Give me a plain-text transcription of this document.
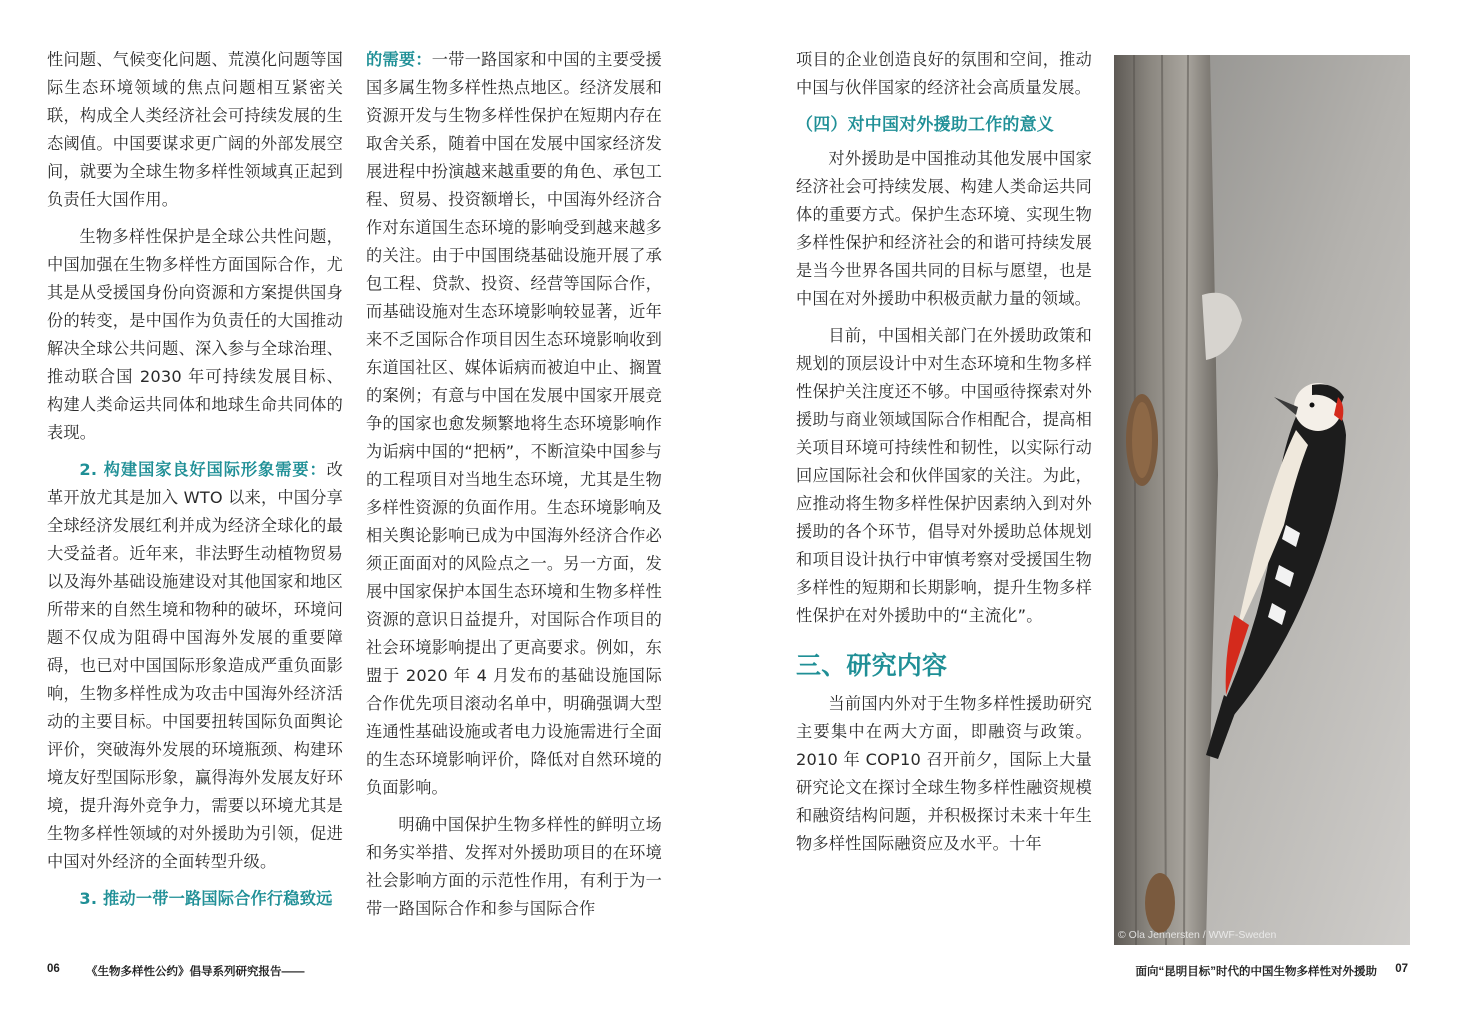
性问题、气候变化问题、荒漠化问题等国际生态环境领域的焦点问题相互紧密关联，构成全人类经济社会可持续发展的生态阈值。中国要谋求更广阔的外部发展空间，就要为全球生物多样性领域真正起到负责任大国作用。

生物多样性保护是全球公共性问题，中国加强在生物多样性方面国际合作，尤其是从受援国身份向资源和方案提供国身份的转变，是中国作为负责任的大国推动解决全球公共问题、深入参与全球治理、推动联合国 2030 年可持续发展目标、构建人类命运共同体和地球生命共同体的表现。

2. 构建国家良好国际形象需要：改革开放尤其是加入 WTO 以来，中国分享全球经济发展红利并成为经济全球化的最大受益者。近年来，非法野生动植物贸易以及海外基础设施建设对其他国家和地区所带来的自然生境和物种的破坏，环境问题不仅成为阻碍中国海外发展的重要障碍，也已对中国国际形象造成严重负面影响，生物多样性成为攻击中国海外经济活动的主要目标。中国要扭转国际负面舆论评价，突破海外发展的环境瓶颈、构建环境友好型国际形象，赢得海外发展友好环境，提升海外竞争力，需要以环境尤其是生物多样性领域的对外援助为引领，促进中国对外经济的全面转型升级。

3. 推动一带一路国际合作行稳致远

的需要：一带一路国家和中国的主要受援国多属生物多样性热点地区。经济发展和资源开发与生物多样性保护在短期内存在取舍关系，随着中国在发展中国家经济发展进程中扮演越来越重要的角色、承包工程、贸易、投资额增长，中国海外经济合作对东道国生态环境的影响受到越来越多的关注。由于中国围绕基础设施开展了承包工程、贷款、投资、经营等国际合作，而基础设施对生态环境影响较显著，近年来不乏国际合作项目因生态环境影响收到东道国社区、媒体诟病而被迫中止、搁置的案例；有意与中国在发展中国家开展竞争的国家也愈发频繁地将生态环境影响作为诟病中国的“把柄”，不断渲染中国参与的工程项目对当地生态环境，尤其是生物多样性资源的负面作用。生态环境影响及相关舆论影响已成为中国海外经济合作必须正面面对的风险点之一。另一方面，发展中国家保护本国生态环境和生物多样性资源的意识日益提升，对国际合作项目的社会环境影响提出了更高要求。例如，东盟于 2020 年 4 月发布的基础设施国际合作优先项目滚动名单中，明确强调大型连通性基础设施或者电力设施需进行全面的生态环境影响评价，降低对自然环境的负面影响。

明确中国保护生物多样性的鲜明立场和务实举措、发挥对外援助项目的在环境社会影响方面的示范性作用，有利于为一带一路国际合作和参与国际合作

项目的企业创造良好的氛围和空间，推动中国与伙伴国家的经济社会高质量发展。

（四）对中国对外援助工作的意义

对外援助是中国推动其他发展中国家经济社会可持续发展、构建人类命运共同体的重要方式。保护生态环境、实现生物多样性保护和经济社会的和谐可持续发展是当今世界各国共同的目标与愿望，也是中国在对外援助中积极贡献力量的领域。

目前，中国相关部门在外援助政策和规划的顶层设计中对生态环境和生物多样性保护关注度还不够。中国亟待探索对外援助与商业领域国际合作相配合，提高相关项目环境可持续性和韧性，以实际行动回应国际社会和伙伴国家的关注。为此，应推动将生物多样性保护因素纳入到对外援助的各个环节，倡导对外援助总体规划和项目设计执行中审慎考察对受援国生物多样性的短期和长期影响，提升生物多样性保护在对外援助中的“主流化”。

三、研究内容

当前国内外对于生物多样性援助研究主要集中在两大方面，即融资与政策。2010 年 COP10 召开前夕，国际上大量研究论文在探讨全球生物多样性融资规模和融资结构问题，并积极探讨未来十年生物多样性国际融资应及水平。十年

© Ola Jennersten / WWF-Sweden
06 《生物多样性公约》倡导系列研究报告——	面向“昆明目标”时代的中国生物多样性对外援助 07
